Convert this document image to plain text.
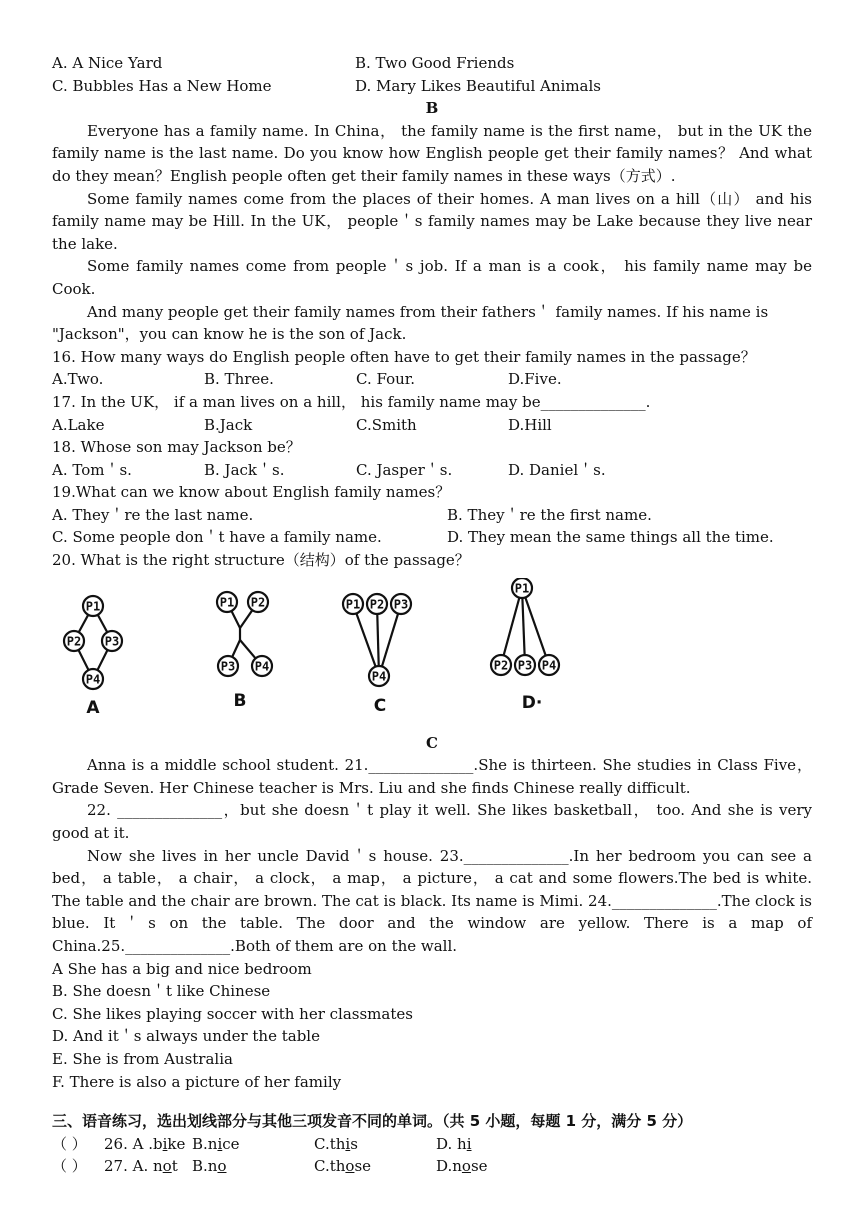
A. A Nice Yard	B. Two Good Friends
C. Bubbles Has a New Home	D. Mary Likes Beautiful Animals
B
Everyone has a family name. In China， the family name is the first name， but in the UK the family name is the last name. Do you know how English people get their family names？ And what do they mean？English people often get their family names in these ways（方式）.
Some family names come from the places of their homes. A man lives on a hill（山） and his family name may be Hill. In the UK， people＇s family names may be Lake because they live near the lake.
Some family names come from people＇s job. If a man is a cook， his family name may be Cook.
And many people get their family names from their fathers＇ family names. If his name is
"Jackson"，you can know he is the son of Jack.
16. How many ways do English people often have to get their family names in the passage？
A.Two.	B. Three.	C. Four.	D.Five.
17. In the UK， if a man lives on a hill， his family name may be______________.
A.Lake	B.Jack	C.Smith	D.Hill
18. Whose son may Jackson be？
A. Tom＇s.	B. Jack＇s.	C. Jasper＇s.	D. Daniel＇s.
19.What can we know about English family names？
A. They＇re the last name.	B. They＇re the first name.
C. Some people don＇t have a family name.	D. They mean the same things all the time.
20. What is the right structure（结构）of the passage？
P1
P2 P3
P4
A
P1 P2
P3 P4
B
P1 P2 P3
P4
C
P1
P2 P3 P4
D·
C
Anna is a middle school student. 21.______________.She is thirteen. She studies in Class Five， Grade Seven. Her Chinese teacher is Mrs. Liu and she finds Chinese really difficult.
22. ______________，but she doesn＇t play it well. She likes basketball， too. And she is very good at it.
Now she lives in her uncle David＇s house. 23.______________.In her bedroom you can see a bed， a table， a chair， a clock， a map， a picture， a cat and some flowers.The bed is white. The table and the chair are brown. The cat is black. Its name is Mimi. 24.______________.The clock is blue. It＇s on the table. The door and the window are yellow. There is a map of China.25.______________.Both of them are on the wall.
A She has a big and nice bedroom
B. She doesn＇t like Chinese
C. She likes playing soccer with her classmates
D. And it＇s always under the table
E. She is from Australia
F. There is also a picture of her family
三、语音练习，选出划线部分与其他三项发音不同的单词。（共 5 小题，每题 1 分，满分 5 分）
（ ）	26. A .bike B.nice	C.this	D. hi
（ ）	27. A. not B.no	C.those	D.nose
